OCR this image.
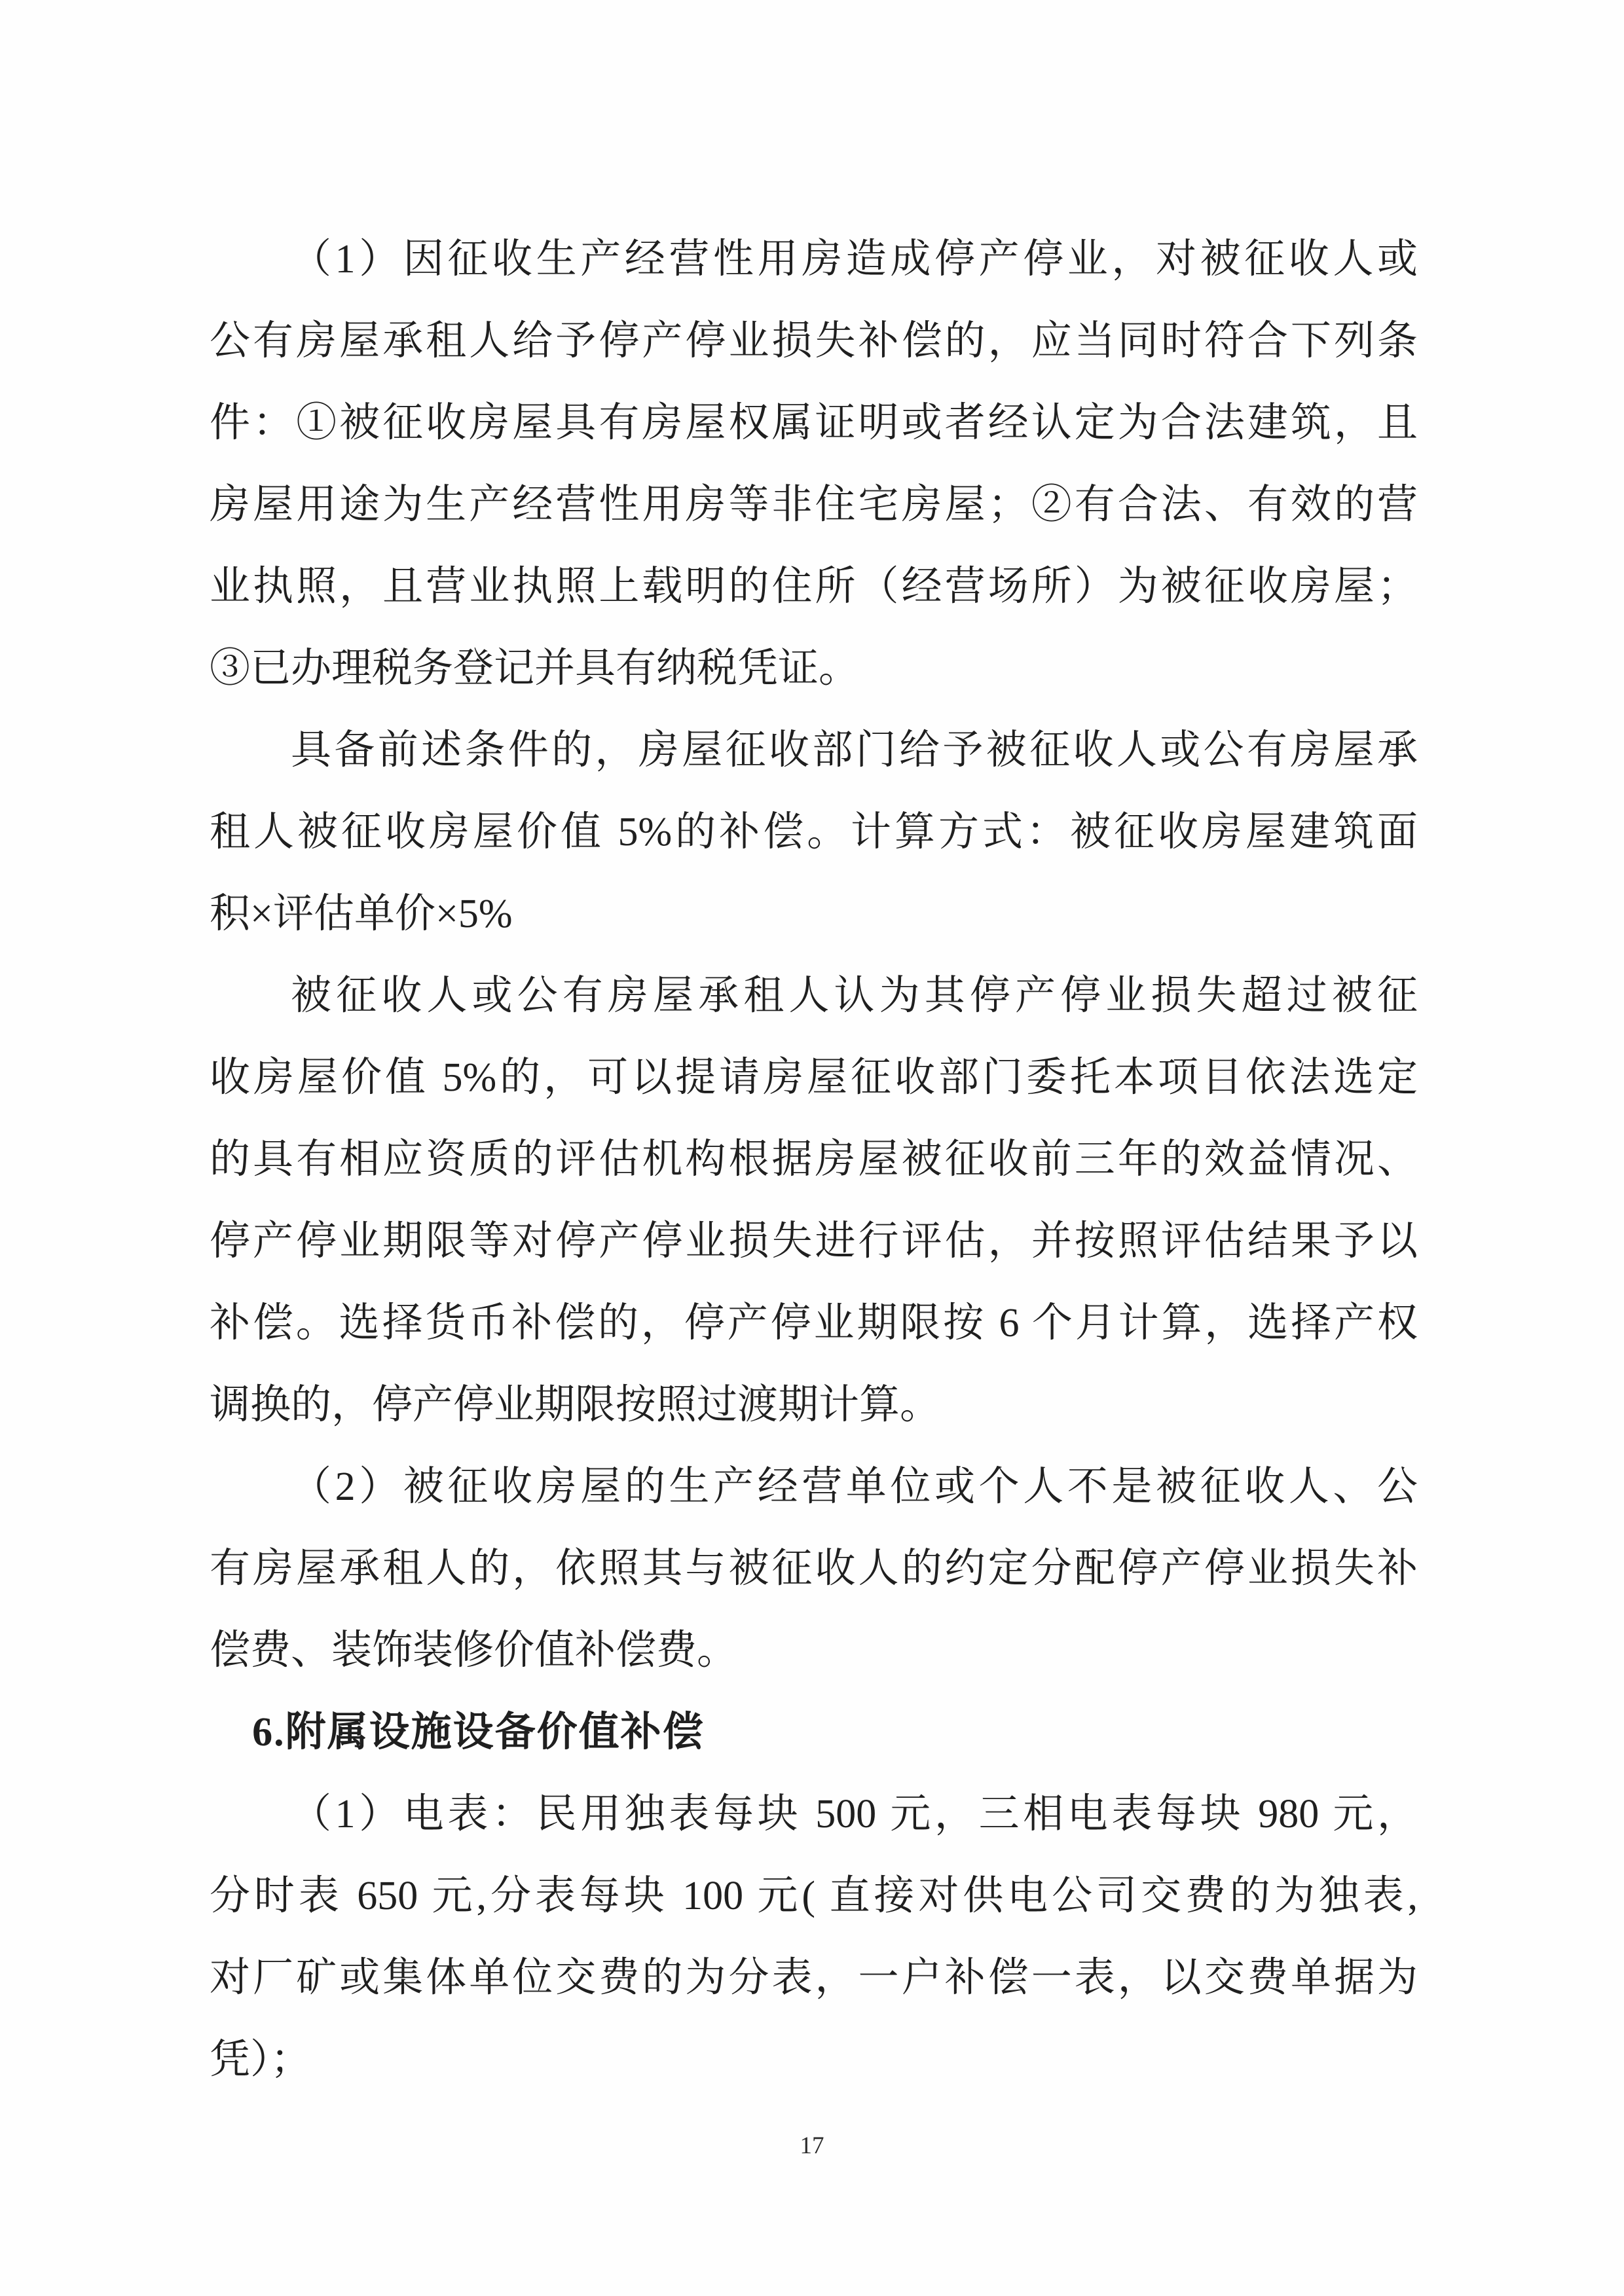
（1）因征收生产经营性用房造成停产停业，对被征收人或
公有房屋承租人给予停产停业损失补偿的，应当同时符合下列条
件：①被征收房屋具有房屋权属证明或者经认定为合法建筑，且
房屋用途为生产经营性用房等非住宅房屋；②有合法、有效的营
业执照，且营业执照上载明的住所（经营场所）为被征收房屋；
③已办理税务登记并具有纳税凭证。
具备前述条件的，房屋征收部门给予被征收人或公有房屋承
租人被征收房屋价值 5%的补偿。计算方式：被征收房屋建筑面
积×评估单价×5%
被征收人或公有房屋承租人认为其停产停业损失超过被征
收房屋价值 5%的，可以提请房屋征收部门委托本项目依法选定
的具有相应资质的评估机构根据房屋被征收前三年的效益情况、
停产停业期限等对停产停业损失进行评估，并按照评估结果予以
补偿。选择货币补偿的，停产停业期限按 6 个月计算，选择产权
调换的，停产停业期限按照过渡期计算。
（2）被征收房屋的生产经营单位或个人不是被征收人、公
有房屋承租人的，依照其与被征收人的约定分配停产停业损失补
偿费、装饰装修价值补偿费。
6.附属设施设备价值补偿
（1）电表：民用独表每块 500 元，三相电表每块 980 元，
分时表 650 元,分表每块 100 元( 直接对供电公司交费的为独表,
对厂矿或集体单位交费的为分表，一户补偿一表，以交费单据为
凭）；
17
